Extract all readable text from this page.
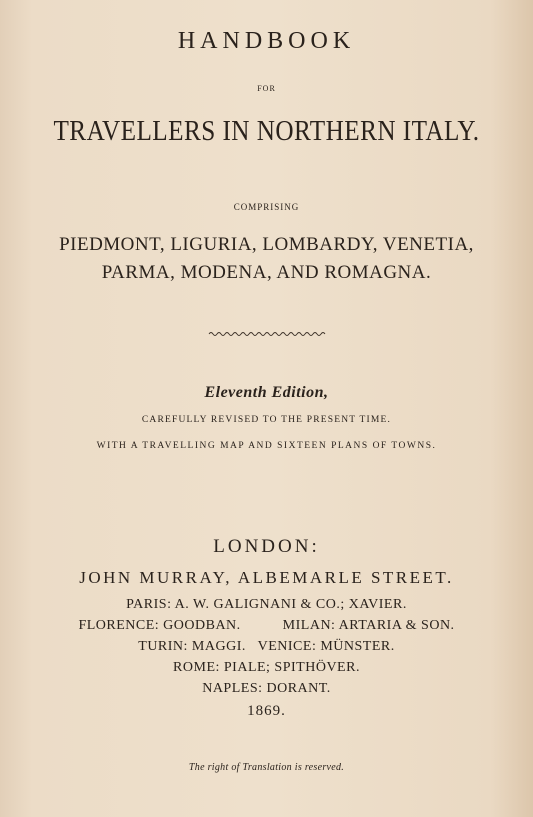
HANDBOOK
FOR
TRAVELLERS IN NORTHERN ITALY.
COMPRISING
PIEDMONT, LIGURIA, LOMBARDY, VENETIA,
PARMA, MODENA, AND ROMAGNA.
Eleventh Edition,
CAREFULLY REVISED TO THE PRESENT TIME.
WITH A TRAVELLING MAP AND SIXTEEN PLANS OF TOWNS.
LONDON:
JOHN MURRAY, ALBEMARLE STREET.
PARIS: A. W. GALIGNANI & CO.; XAVIER.
FLORENCE: GOODBAN.	MILAN: ARTARIA & SON.
TURIN: MAGGI.   VENICE: MÜNSTER.
ROME: PIALE; SPITHÖVER.
NAPLES: DORANT.
1869.
The right of Translation is reserved.
